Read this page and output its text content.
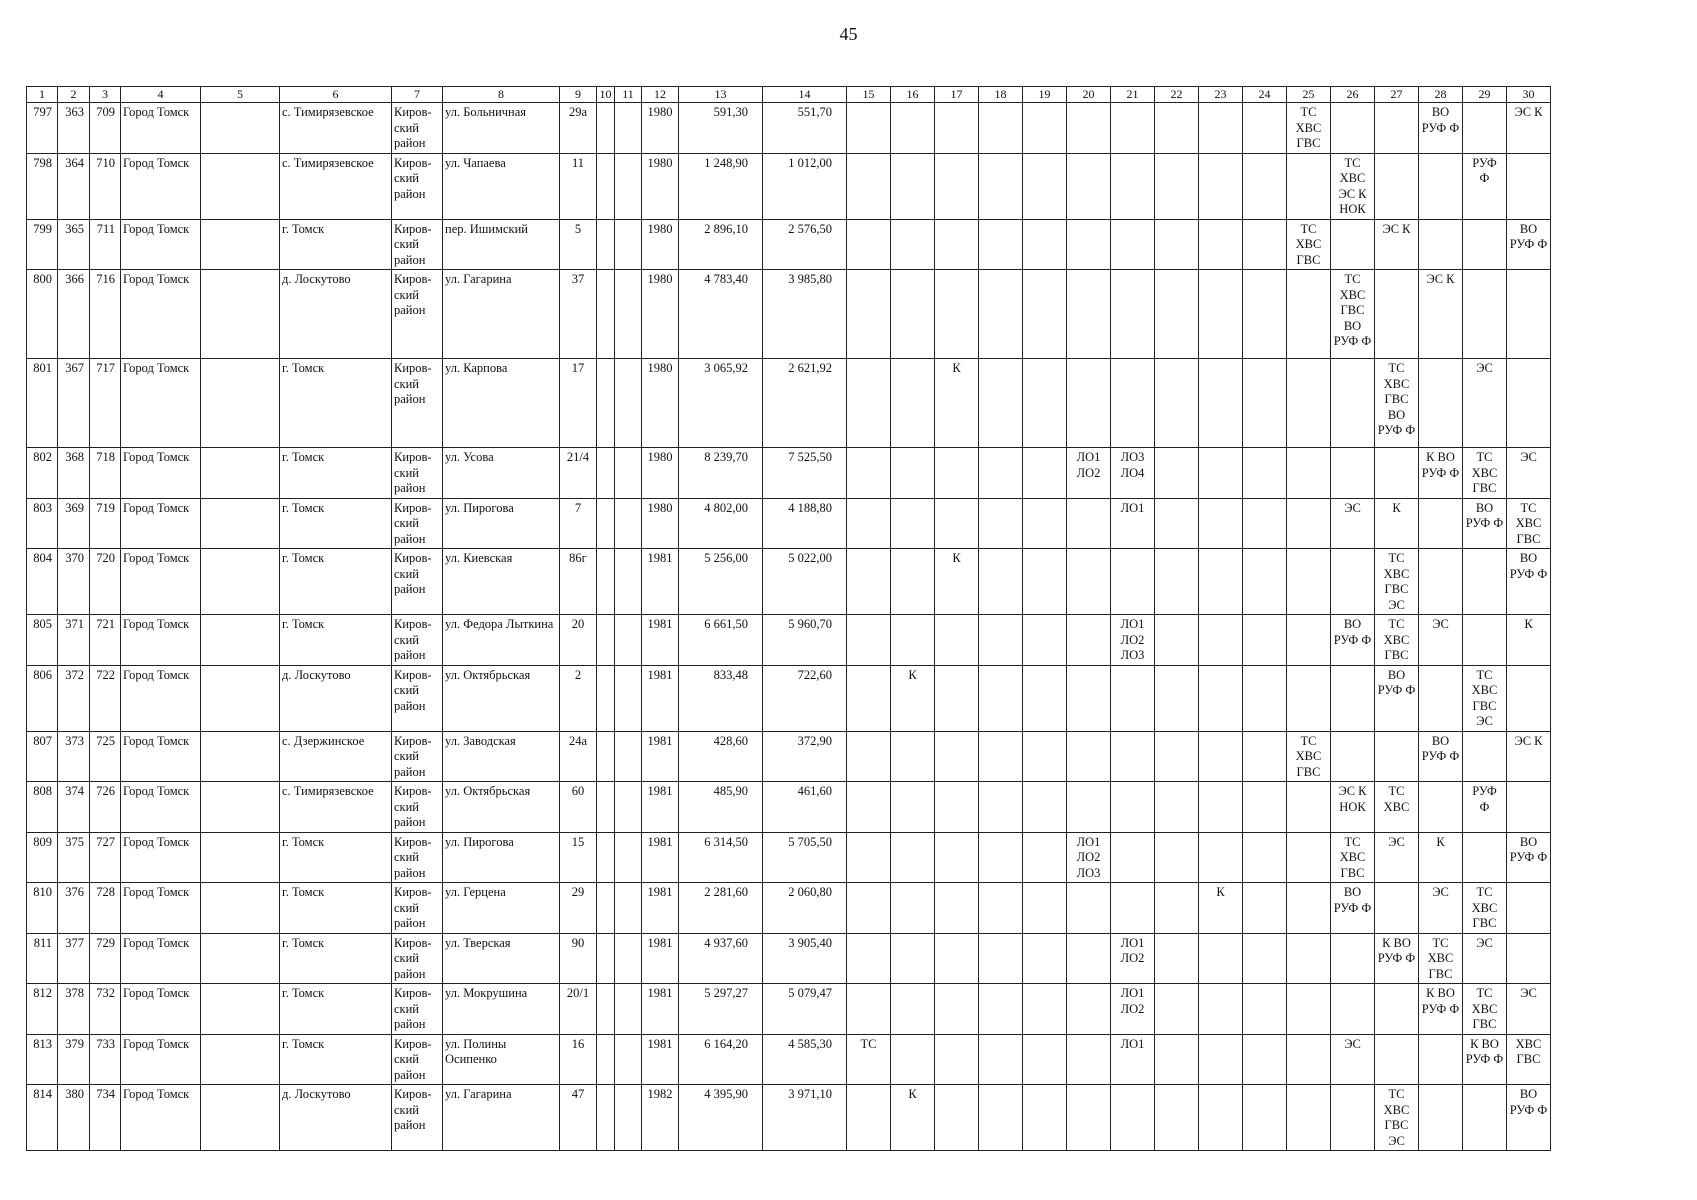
45
1	2	3	4	5	6	7	8	9	10	11	12	13	14	15	16	17	18	19	20	21	22	23	24	25	26	27	28	29	30
797	363	709	Город Томск		с. Тимирязевское	Киров-
ский
район	ул. Больничная	29а			1980	591,30	551,70											ТС
ХВС
ГВС			ВО
РУФ Ф		ЭС К
798	364	710	Город Томск		с. Тимирязевское	Киров-
ский
район	ул. Чапаева	11			1980	1 248,90	1 012,00												ТС
ХВС
ЭС К
НОК			РУФ
Ф	
799	365	711	Город Томск		г. Томск	Киров-
ский
район	пер. Ишимский	5			1980	2 896,10	2 576,50											ТС
ХВС
ГВС		ЭС К			ВО
РУФ Ф
800	366	716	Город Томск		д. Лоскутово	Киров-
ский
район	ул. Гагарина	37			1980	4 783,40	3 985,80												ТС
ХВС
ГВС
ВО
РУФ Ф		ЭС К		
801	367	717	Город Томск		г. Томск	Киров-
ский
район	ул. Карпова	17			1980	3 065,92	2 621,92			К										ТС
ХВС
ГВС
ВО
РУФ Ф		ЭС	
802	368	718	Город Томск		г. Томск	Киров-
ский
район	ул. Усова	21/4			1980	8 239,70	7 525,50						ЛО1
ЛО2	ЛО3
ЛО4							К ВО
РУФ Ф	ТС
ХВС
ГВС	ЭС
803	369	719	Город Томск		г. Томск	Киров-
ский
район	ул. Пирогова	7			1980	4 802,00	4 188,80							ЛО1					ЭС	К		ВО
РУФ Ф	ТС
ХВС
ГВС
804	370	720	Город Томск		г. Томск	Киров-
ский
район	ул. Киевская	86г			1981	5 256,00	5 022,00			К										ТС
ХВС
ГВС
ЭС			ВО
РУФ Ф
805	371	721	Город Томск		г. Томск	Киров-
ский
район	ул. Федора Лыткина	20			1981	6 661,50	5 960,70							ЛО1
ЛО2
ЛО3					ВО
РУФ Ф	ТС
ХВС
ГВС	ЭС		К
806	372	722	Город Томск		д. Лоскутово	Киров-
ский
район	ул. Октябрьская	2			1981	833,48	722,60		К											ВО
РУФ Ф		ТС
ХВС
ГВС
ЭС	
807	373	725	Город Томск		с. Дзержинское	Киров-
ский
район	ул. Заводская	24а			1981	428,60	372,90											ТС
ХВС
ГВС			ВО
РУФ Ф		ЭС К
808	374	726	Город Томск		с. Тимирязевское	Киров-
ский
район	ул. Октябрьская	60			1981	485,90	461,60												ЭС К
НОК	ТС
ХВС		РУФ
Ф	
809	375	727	Город Томск		г. Томск	Киров-
ский
район	ул. Пирогова	15			1981	6 314,50	5 705,50						ЛО1
ЛО2
ЛО3						ТС
ХВС
ГВС	ЭС	К		ВО
РУФ Ф
810	376	728	Город Томск		г. Томск	Киров-
ский
район	ул. Герцена	29			1981	2 281,60	2 060,80									К			ВО
РУФ Ф		ЭС	ТС
ХВС
ГВС	
811	377	729	Город Томск		г. Томск	Киров-
ский
район	ул. Тверская	90			1981	4 937,60	3 905,40							ЛО1
ЛО2						К ВО
РУФ Ф	ТС
ХВС
ГВС	ЭС	
812	378	732	Город Томск		г. Томск	Киров-
ский
район	ул. Мокрушина	20/1			1981	5 297,27	5 079,47							ЛО1
ЛО2							К ВО
РУФ Ф	ТС
ХВС
ГВС	ЭС
813	379	733	Город Томск		г. Томск	Киров-
ский
район	ул. Полины Осипенко	16			1981	6 164,20	4 585,30	ТС						ЛО1					ЭС			К ВО
РУФ Ф	ХВС
ГВС
814	380	734	Город Томск		д. Лоскутово	Киров-
ский
район	ул. Гагарина	47			1982	4 395,90	3 971,10		К											ТС
ХВС
ГВС
ЭС			ВО
РУФ Ф
